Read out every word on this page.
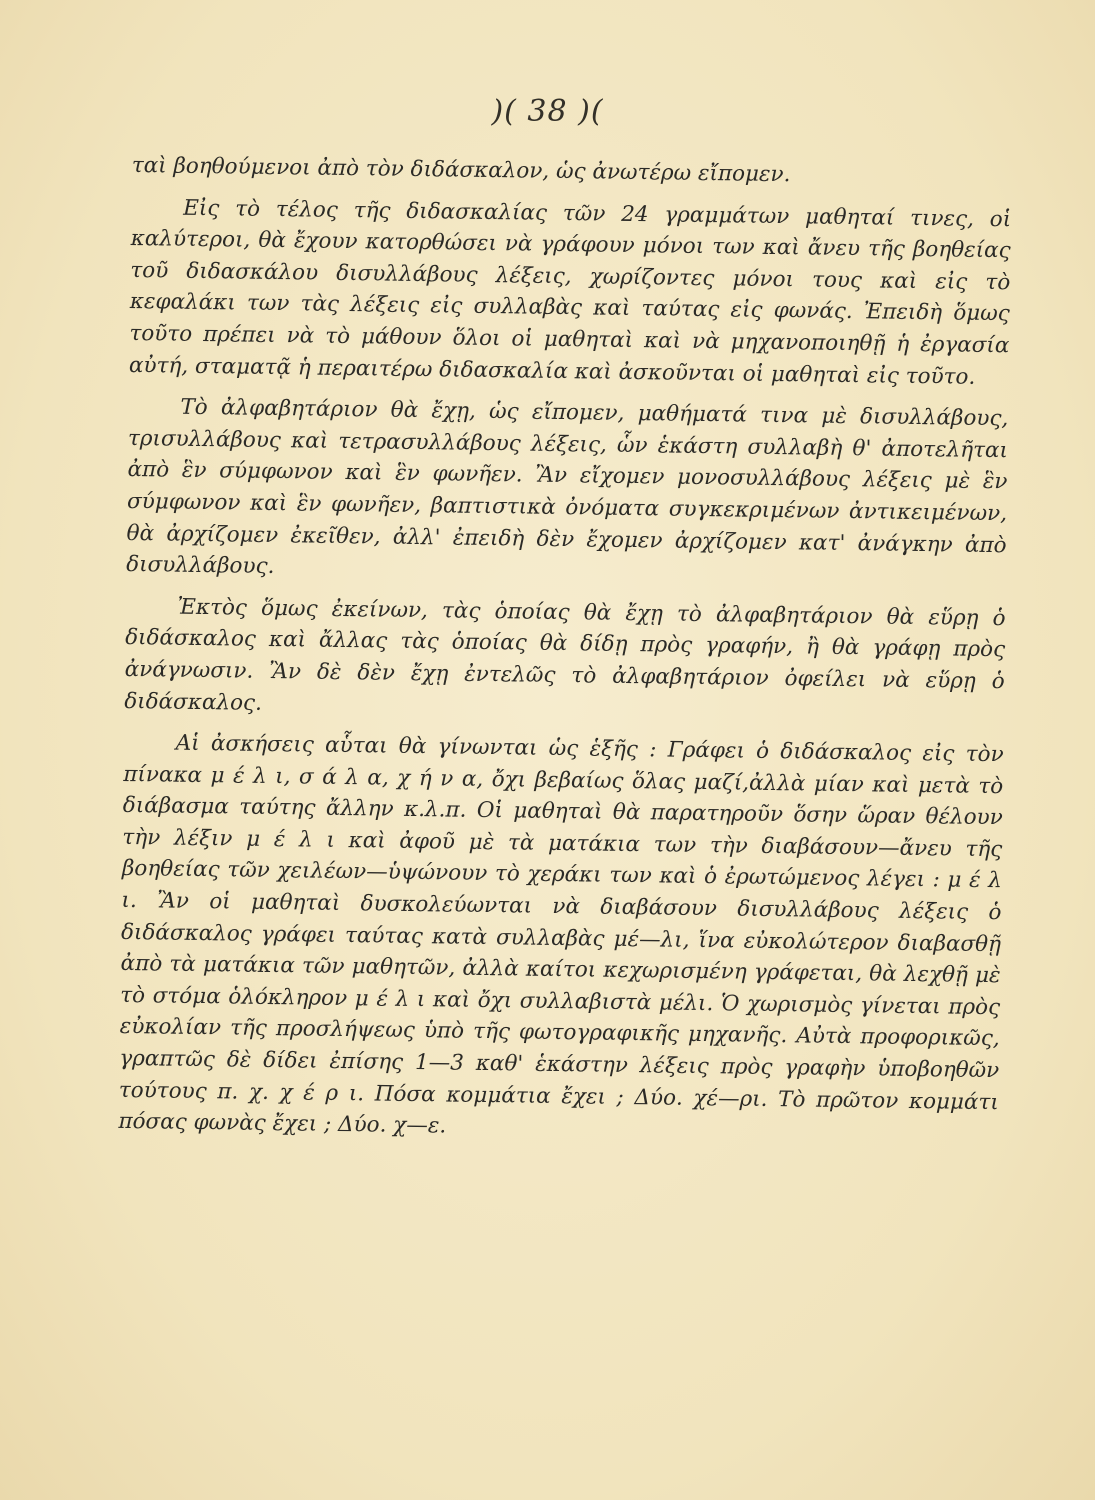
)( 38 )(

ταὶ βοηθούμενοι ἀπὸ τὸν διδάσκαλον, ὡς ἀνωτέρω εἴπομεν.

Εἰς τὸ τέλος τῆς διδασκαλίας τῶν 24 γραμμάτων μαθηταί τινες, οἱ καλύτεροι, θὰ ἔχουν κατορθώσει νὰ γράφουν μόνοι των καὶ ἄνευ τῆς βοηθείας τοῦ διδασκάλου δισυλλάβους λέξεις, χωρίζοντες μόνοι τους καὶ εἰς τὸ κεφαλάκι των τὰς λέξεις εἰς συλλαβὰς καὶ ταύτας εἰς φωνάς. Ἐπειδὴ ὅμως τοῦτο πρέπει νὰ τὸ μάθουν ὅλοι οἱ μαθηταὶ καὶ νὰ μηχανοποιηθῇ ἡ ἐργασία αὐτή, σταματᾷ ἡ περαιτέρω διδασκαλία καὶ ἀσκοῦνται οἱ μαθηταὶ εἰς τοῦτο.

Τὸ ἀλφαβητάριον θὰ ἔχῃ, ὡς εἴπομεν, μαθήματά τινα μὲ δισυλλάβους, τρισυλλάβους καὶ τετρασυλλάβους λέξεις, ὧν ἑκάστη συλλαβὴ θ' ἀποτελῆται ἀπὸ ἓν σύμφωνον καὶ ἓν φωνῆεν. Ἂν εἴχομεν μονοσυλλάβους λέξεις μὲ ἓν σύμφωνον καὶ ἓν φωνῆεν, βαπτιστικὰ ὀνόματα συγκεκριμένων ἀντικειμένων, θὰ ἀρχίζομεν ἐκεῖθεν, ἀλλ' ἐπειδὴ δὲν ἔχομεν ἀρχίζομεν κατ' ἀνάγκην ἀπὸ δισυλλάβους.

Ἐκτὸς ὅμως ἐκείνων, τὰς ὁποίας θὰ ἔχῃ τὸ ἀλφαβητάριον θὰ εὕρῃ ὁ διδάσκαλος καὶ ἄλλας τὰς ὁποίας θὰ δίδῃ πρὸς γραφήν, ἢ θὰ γράφῃ πρὸς ἀνάγνωσιν. Ἂν δὲ δὲν ἔχῃ ἐντελῶς τὸ ἀλφαβητάριον ὀφείλει νὰ εὕρῃ ὁ διδάσκαλος.

Αἱ ἀσκήσεις αὗται θὰ γίνωνται ὡς ἑξῆς : Γράφει ὁ διδάσκαλος εἰς τὸν πίνακα μ έ λ ι, σ ά λ α, χ ή ν α, ὄχι βεβαίως ὅλας μαζί,ἀλλὰ μίαν καὶ μετὰ τὸ διάβασμα ταύτης ἄλλην κ.λ.π. Οἱ μαθηταὶ θὰ παρατηροῦν ὅσην ὥραν θέλουν τὴν λέξιν μ έ λ ι καὶ ἀφοῦ μὲ τὰ ματάκια των τὴν διαβάσουν—ἄνευ τῆς βοηθείας τῶν χειλέων—ὑψώνουν τὸ χεράκι των καὶ ὁ ἐρωτώμενος λέγει : μ έ λ ι. Ἂν οἱ μαθηταὶ δυσκολεύωνται νὰ διαβάσουν δισυλλάβους λέξεις ὁ διδάσκαλος γράφει ταύτας κατὰ συλλαβὰς μέ—λι, ἵνα εὐκολώτερον διαβασθῇ ἀπὸ τὰ ματάκια τῶν μαθητῶν, ἀλλὰ καίτοι κεχωρισμένη γράφεται, θὰ λεχθῇ μὲ τὸ στόμα ὁλόκληρον μ έ λ ι καὶ ὄχι συλλαβιστὰ μέλι. Ὁ χωρισμὸς γίνεται πρὸς εὐκολίαν τῆς προσλήψεως ὑπὸ τῆς φωτογραφικῆς μηχανῆς. Αὐτὰ προφορικῶς, γραπτῶς δὲ δίδει ἐπίσης 1—3 καθ' ἑκάστην λέξεις πρὸς γραφὴν ὑποβοηθῶν τούτους π. χ. χ έ ρ ι. Πόσα κομμάτια ἔχει ; Δύο. χέ—ρι. Τὸ πρῶτον κομμάτι πόσας φωνὰς ἔχει ; Δύο. χ—ε.
